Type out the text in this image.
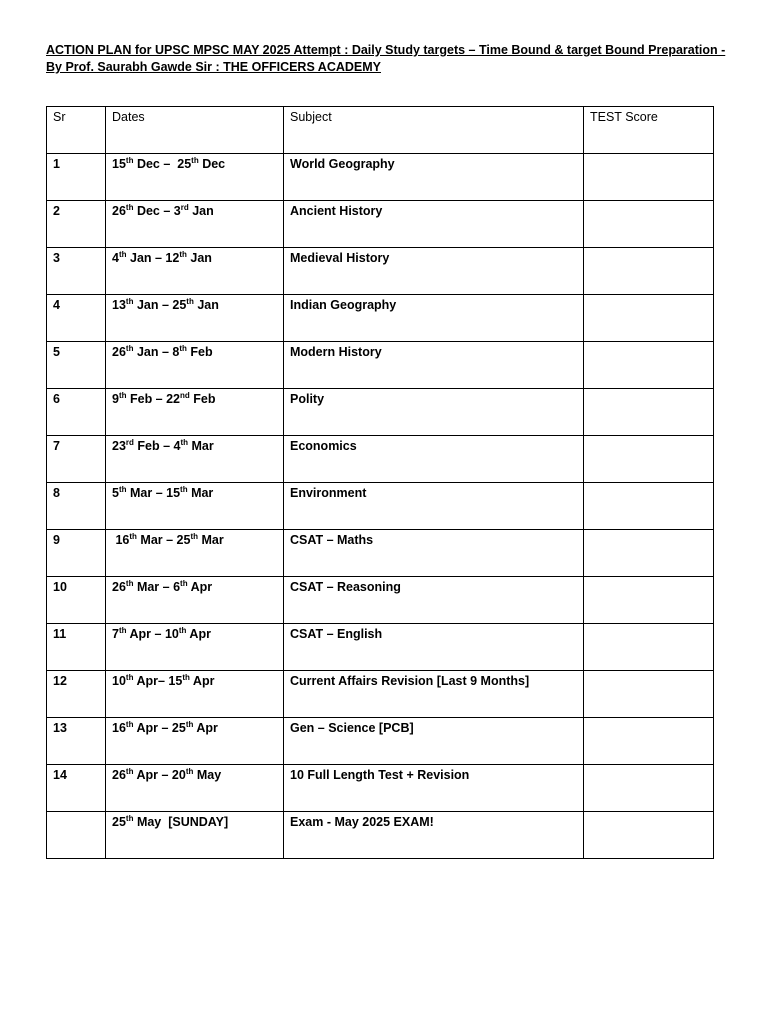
ACTION PLAN for UPSC MPSC MAY 2025 Attempt : Daily Study targets – Time Bound & target Bound Preparation - By Prof. Saurabh Gawde Sir : THE OFFICERS ACADEMY

Sr	Dates	Subject	TEST Score
1	15th Dec –  25th Dec	World Geography	
2	26th Dec – 3rd Jan	Ancient History	
3	4th Jan – 12th Jan	Medieval History	
4	13th Jan – 25th Jan	Indian Geography	
5	26th Jan – 8th Feb	Modern History	
6	9th Feb – 22nd Feb	Polity	
7	23rd Feb – 4th Mar	Economics	
8	5th Mar – 15th Mar	Environment	
9	16th Mar – 25th Mar	CSAT – Maths	
10	26th Mar – 6th Apr	CSAT – Reasoning	
11	7th Apr – 10th Apr	CSAT – English	
12	10th Apr– 15th Apr	Current Affairs Revision [Last 9 Months]	
13	16th Apr – 25th Apr	Gen – Science [PCB]	
14	26th Apr – 20th May	10 Full Length Test + Revision	
	25th May  [SUNDAY]	Exam - May 2025 EXAM!	
